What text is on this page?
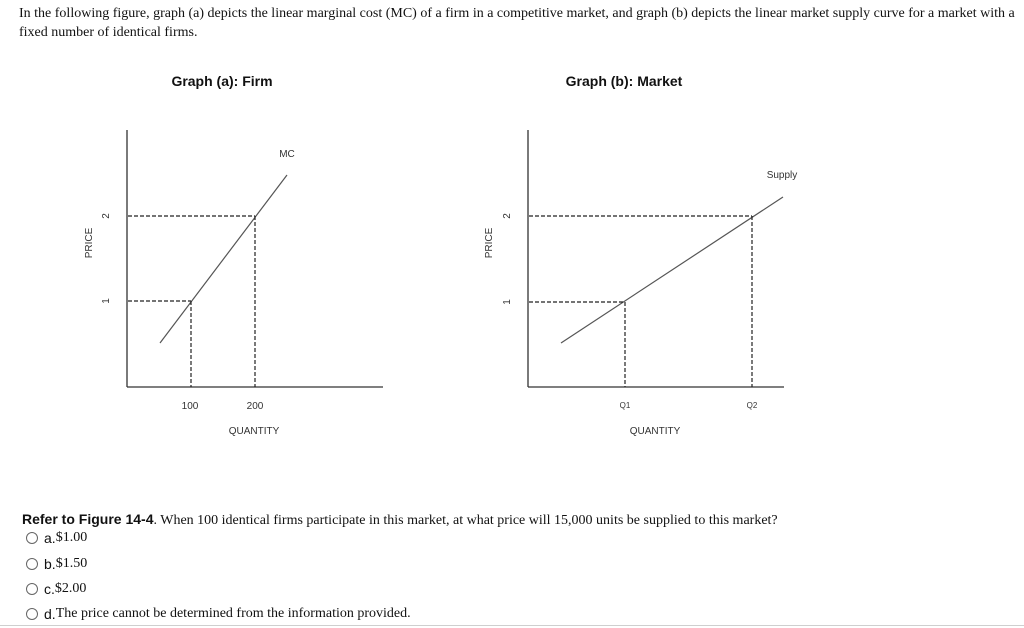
In the following figure, graph (a) depicts the linear marginal cost (MC) of a firm in a competitive market, and graph (b) depicts the linear market supply curve for a market with a fixed number of identical firms.
Graph (a): Firm
MC
2
1
PRICE
100	200
QUANTITY
Graph (b): Market
Supply
2
1
PRICE
Q1	Q2
QUANTITY
Refer to Figure 14-4. When 100 identical firms participate in this market, at what price will 15,000 units be supplied to this market?
a. $1.00
b. $1.50
c. $2.00
d. The price cannot be determined from the information provided.
